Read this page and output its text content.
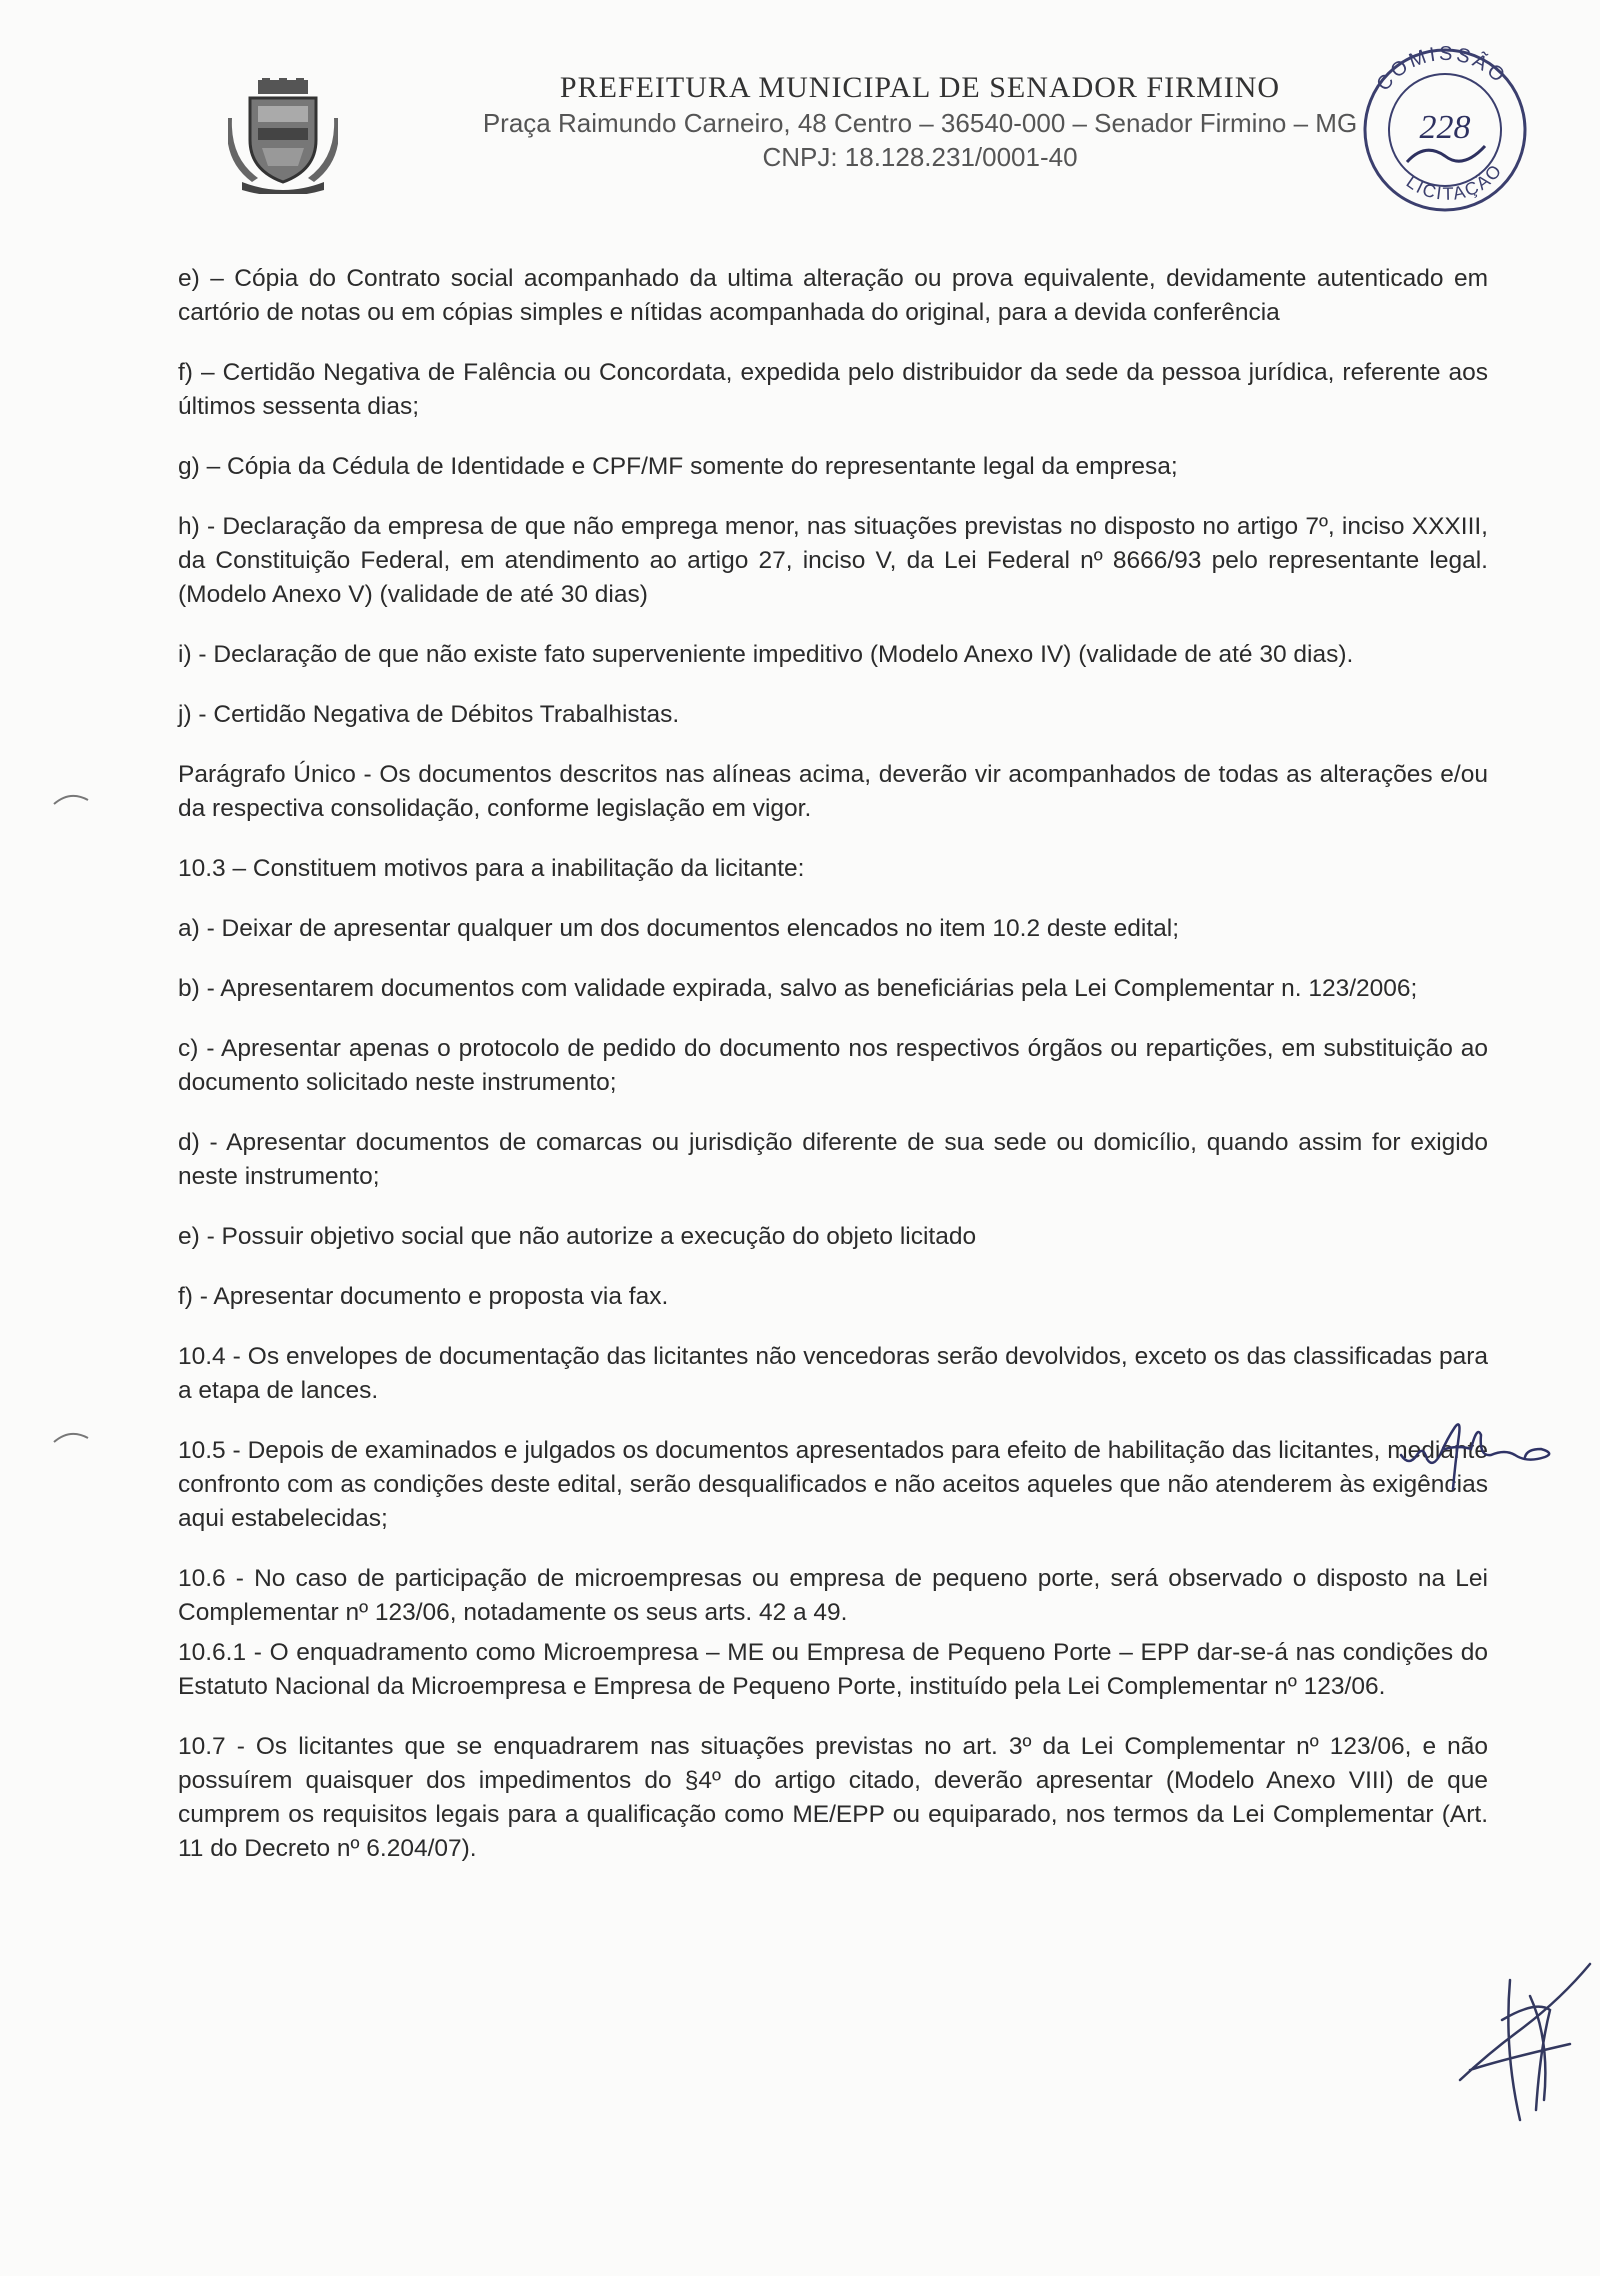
PREFEITURA MUNICIPAL DE SENADOR FIRMINO

Praça Raimundo Carneiro, 48 Centro – 36540-000 – Senador Firmino – MG

CNPJ: 18.128.231/0001-40

COMISSÃO
LICITAÇÃO
228

e) – Cópia do Contrato social acompanhado da ultima alteração ou prova equivalente, devidamente autenticado em cartório de notas ou em cópias simples e nítidas acompanhada do original, para a devida conferência

f) – Certidão Negativa de Falência ou Concordata, expedida pelo distribuidor da sede da pessoa jurídica, referente aos últimos sessenta dias;

g) – Cópia da Cédula de Identidade e CPF/MF somente do representante legal da empresa;

h) - Declaração da empresa de que não emprega menor, nas situações previstas no disposto no artigo 7º, inciso XXXIII, da Constituição Federal, em atendimento ao artigo 27, inciso V, da Lei Federal nº 8666/93 pelo representante legal. (Modelo Anexo V) (validade de até 30 dias)

i) - Declaração de que não existe fato superveniente impeditivo (Modelo Anexo IV) (validade de até 30 dias).

j) - Certidão Negativa de Débitos Trabalhistas.

Parágrafo Único - Os documentos descritos nas alíneas acima, deverão vir acompanhados de todas as alterações e/ou da respectiva consolidação, conforme legislação em vigor.

10.3 – Constituem motivos para a inabilitação da licitante:

a) - Deixar de apresentar qualquer um dos documentos elencados no item 10.2 deste edital;

b) - Apresentarem documentos com validade expirada, salvo as beneficiárias pela Lei Complementar n. 123/2006;

c) - Apresentar apenas o protocolo de pedido do documento nos respectivos órgãos ou repartições, em substituição ao documento solicitado neste instrumento;

d) - Apresentar documentos de comarcas ou jurisdição diferente de sua sede ou domicílio, quando assim for exigido neste instrumento;

e) - Possuir objetivo social que não autorize a execução do objeto licitado

f) - Apresentar documento e proposta via fax.

10.4 - Os envelopes de documentação das licitantes não vencedoras serão devolvidos, exceto os das classificadas para a etapa de lances.

10.5 - Depois de examinados e julgados os documentos apresentados para efeito de habilitação das licitantes, mediante confronto com as condições deste edital, serão desqualificados e não aceitos aqueles que não atenderem às exigências aqui estabelecidas;

10.6 - No caso de participação de microempresas ou empresa de pequeno porte, será observado o disposto na Lei Complementar nº 123/06, notadamente os seus arts. 42 a 49.

10.6.1 - O enquadramento como Microempresa – ME ou Empresa de Pequeno Porte – EPP dar-se-á nas condições do Estatuto Nacional da Microempresa e Empresa de Pequeno Porte, instituído pela Lei Complementar nº 123/06.

10.7 - Os licitantes que se enquadrarem nas situações previstas no art. 3º da Lei Complementar nº 123/06, e não possuírem quaisquer dos impedimentos do §4º do artigo citado, deverão apresentar (Modelo Anexo VIII) de que cumprem os requisitos legais para a qualificação como ME/EPP ou equiparado, nos termos da Lei Complementar (Art. 11 do Decreto nº 6.204/07).
